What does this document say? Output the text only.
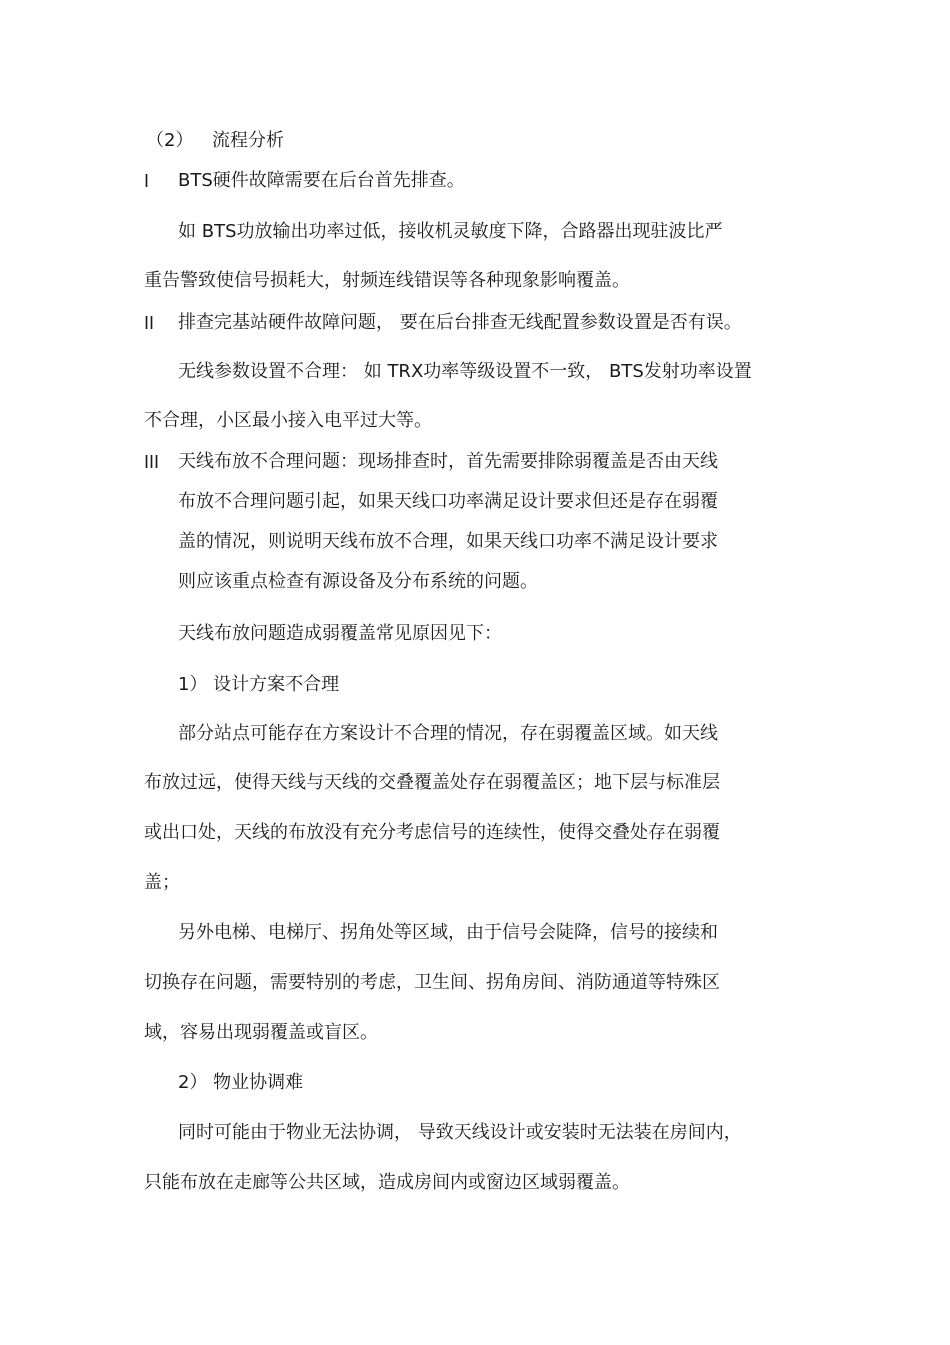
（2） 流程分析
I BTS硬件故障需要在后台首先排查。
如 BTS功放输出功率过低，接收机灵敏度下降，合路器出现驻波比严
重告警致使信号损耗大，射频连线错误等各种现象影响覆盖。
II 排查完基站硬件故障问题， 要在后台排查无线配置参数设置是否有误。
无线参数设置不合理： 如 TRX功率等级设置不一致， BTS发射功率设置
不合理，小区最小接入电平过大等。
III 天线布放不合理问题：现场排查时，首先需要排除弱覆盖是否由天线
布放不合理问题引起，如果天线口功率满足设计要求但还是存在弱覆
盖的情况，则说明天线布放不合理，如果天线口功率不满足设计要求
则应该重点检查有源设备及分布系统的问题。
天线布放问题造成弱覆盖常见原因见下：
1） 设计方案不合理
部分站点可能存在方案设计不合理的情况，存在弱覆盖区域。如天线
布放过远，使得天线与天线的交叠覆盖处存在弱覆盖区；地下层与标准层
或出口处，天线的布放没有充分考虑信号的连续性，使得交叠处存在弱覆
盖；
另外电梯、电梯厅、拐角处等区域，由于信号会陡降，信号的接续和
切换存在问题，需要特别的考虑，卫生间、拐角房间、消防通道等特殊区
域，容易出现弱覆盖或盲区。
2） 物业协调难
同时可能由于物业无法协调， 导致天线设计或安装时无法装在房间内，
只能布放在走廊等公共区域，造成房间内或窗边区域弱覆盖。
